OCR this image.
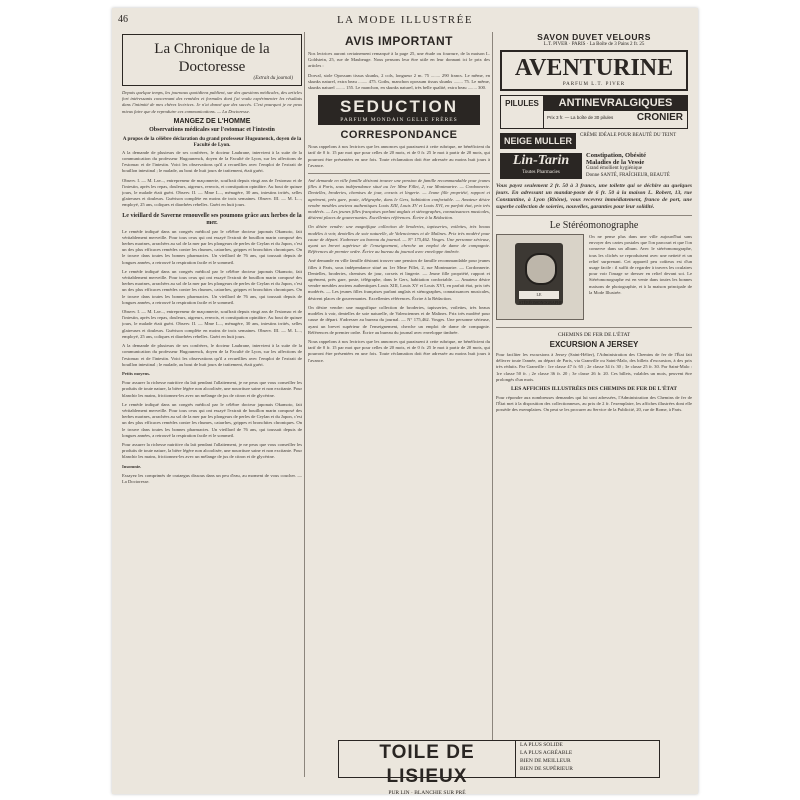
46	LA MODE ILLUSTRÉE
La Chronique de la Doctoresse
(Extrait du journal)

Depuis quelque temps, les journaux quotidiens publient, sur des questions médicales, des articles fort intéressants concernant des remèdes et formules dont j'ai voulu expérimenter les résultats dans l'intimité de mes chères lectrices. Je n'ai donné que des succès. C'est pourquoi je ne peux mieux faire que de reproduire ces communications. — La Doctoresse.

MANGEZ DE L'HOMME
Observations médicales sur l'estomac et l'intestin
A propos de la célèbre déclaration du grand professeur Hugounenck, doyen de la Faculté de Lyon.

A la demande de plusieurs de ses confrères, le docteur Laubrane, intervient à la suite de la communication du professeur Hugounenck, doyen de la Faculté de Lyon, sur les affections de l'estomac et de l'intestin. Voici les observations qu'il a recueillies avec l'emploi de l'extrait de bouillon intestinal ; le malade, au bout de huit jours de traitement, était guéri.

Observ. I. — M. Lav..., entrepreneur de maçonnerie, souffrait depuis vingt ans de l'estomac et de l'intestin, après les repas, douleurs, aigreurs, renvois, et constipation opiniâtre. Au bout de quinze jours, le malade était guéri. Observ. II. — Mme L..., ménagère, 30 ans, intestins irrités, selles glaireuses et douleurs. Guérison complète en moins de trois semaines. Observ. III. — M. L..., employé, 25 ans, coliques et diarrhées rebelles. Guéri en huit jours.

Le vieillard de Saverne renouvelle ses poumons grâce aux herbes de la mer.

Le remède indiqué dans un congrès médical par le célèbre docteur japonais Okamoto, fait véritablement merveille. Pour tous ceux qui ont essayé l'extrait de bouillon marin composé des herbes marines, arrachées au sol de la mer par les plongeurs de perles de Ceylan et du Japon, c'est un des plus efficaces remèdes contre les rhumes, catarrhes, grippes et bronchites chroniques. On le trouve dans toutes les bonnes pharmacies. Un vieillard de 76 ans, qui toussait depuis de longues années, a retrouvé la respiration facile et le sommeil.

Le remède indiqué dans un congrès médical par le célèbre docteur japonais Okamoto, fait véritablement merveille. Pour tous ceux qui ont essayé l'extrait de bouillon marin composé des herbes marines, arrachées au sol de la mer par les plongeurs de perles de Ceylan et du Japon, c'est un des plus efficaces remèdes contre les rhumes, catarrhes, grippes et bronchites chroniques. On le trouve dans toutes les bonnes pharmacies. Un vieillard de 76 ans, qui toussait depuis de longues années, a retrouvé la respiration facile et le sommeil.

Observ. I. — M. Lav..., entrepreneur de maçonnerie, souffrait depuis vingt ans de l'estomac et de l'intestin, après les repas, douleurs, aigreurs, renvois, et constipation opiniâtre. Au bout de quinze jours, le malade était guéri. Observ. II. — Mme L..., ménagère, 30 ans, intestins irrités, selles glaireuses et douleurs. Guérison complète en moins de trois semaines. Observ. III. — M. L..., employé, 25 ans, coliques et diarrhées rebelles. Guéri en huit jours.

A la demande de plusieurs de ses confrères, le docteur Laubrane, intervient à la suite de la communication du professeur Hugounenck, doyen de la Faculté de Lyon, sur les affections de l'estomac et de l'intestin. Voici les observations qu'il a recueillies avec l'emploi de l'extrait de bouillon intestinal ; le malade, au bout de huit jours de traitement, était guéri.

Petits moyens.

Pour assurer la richesse nutritive du lait pendant l'allaitement, je ne peux que vous conseiller les produits de toute nature, la bière légère non alcoolisée, une nourriture saine et non excitante. Pour blanchir les mains, frictionnez-les avec un mélange de jus de citron et de glycérine.

Le remède indiqué dans un congrès médical par le célèbre docteur japonais Okamoto, fait véritablement merveille. Pour tous ceux qui ont essayé l'extrait de bouillon marin composé des herbes marines, arrachées au sol de la mer par les plongeurs de perles de Ceylan et du Japon, c'est un des plus efficaces remèdes contre les rhumes, catarrhes, grippes et bronchites chroniques. On le trouve dans toutes les bonnes pharmacies. Un vieillard de 76 ans, qui toussait depuis de longues années, a retrouvé la respiration facile et le sommeil.

Pour assurer la richesse nutritive du lait pendant l'allaitement, je ne peux que vous conseiller les produits de toute nature, la bière légère non alcoolisée, une nourriture saine et non excitante. Pour blanchir les mains, frictionnez-les avec un mélange de jus de citron et de glycérine.

Insomnie.

Essayez les comprimés de crataegus dissous dans un peu d'eau, au moment de vous coucher. — La Doctoresse.

AVIS IMPORTANT

Nos lectrices auront certainement remarqué à la page 25, une étude ou fourrure, de la maison L. Goldstein, 25, rue de Maubeuge. Nous pensons leur être utile en leur donnant ici le prix des articles :

Dorval, stole Opossum tissus skunks, 2 cols, longueur 2 m. 75 ........ 290 francs. Le même, en skunks naturel, extra beau ........ 475. Goths, manchon opossum tissus skunks ........ 75. Le même, skunks naturel ........ 155. Le manchon, en skunks naturel, très belle qualité, extra beau ........ 300.

SEDUCTION
PARFUM MONDAIN GELLE FRÈRES
CORRESPONDANCE

Nous rappelons à nos lectrices que les annonces qui paraissent à cette rubrique, ne bénéficient du tarif de 0 fr. 15 par mot que pour celles de 20 mots, et de 0 fr. 25 le mot à partir de 20 mots, qui pourront être présentées en une fois. Toute réclamation doit être adressée au moins huit jours à l'avance.

Ané demande en ville famille désirant trouver une pension de famille recommandable pour jeunes filles à Paris, sous indépendance situé au 1er Mme Fillet, 2, rue Montmartre. — Cordonnerie. Dentelles, broderies, chemises de jour, corsets et lingerie. — Jeune fille propriété, rapport et agrément, près gare, poste, télégraphe, dans le Gers, habitation confortable. — Amateur désire vendre meubles anciens authentiques Louis XIII, Louis XV et Louis XVI, en parfait état, prix très modérés. — Les jeunes filles françaises parlant anglais et sténographes, connaissances musicales, désirent places de gouvernantes. Excellentes références. Écrire à la Rédaction.

On désire vendre: une magnifique collection de broderies, tapisseries, voilettes, très beaux modèles à voir, dentelles de soie naturelle, de Valenciennes et de Malines. Prix très modéré pour cause de départ. S'adresser au bureau du journal. — N° 175,462. Vosges. Une personne sérieuse, ayant un brevet supérieur de l'enseignement, cherche un emploi de dame de compagnie. Références de premier ordre. Écrire au bureau du journal avec enveloppe timbrée.

Ané demande en ville famille désirant trouver une pension de famille recommandable pour jeunes filles à Paris, sous indépendance situé au 1er Mme Fillet, 2, rue Montmartre. — Cordonnerie. Dentelles, broderies, chemises de jour, corsets et lingerie. — Jeune fille propriété, rapport et agrément, près gare, poste, télégraphe, dans le Gers, habitation confortable. — Amateur désire vendre meubles anciens authentiques Louis XIII, Louis XV et Louis XVI, en parfait état, prix très modérés. — Les jeunes filles françaises parlant anglais et sténographes, connaissances musicales, désirent places de gouvernantes. Excellentes références. Écrire à la Rédaction.

On désire vendre: une magnifique collection de broderies, tapisseries, voilettes, très beaux modèles à voir, dentelles de soie naturelle, de Valenciennes et de Malines. Prix très modéré pour cause de départ. S'adresser au bureau du journal. — N° 175,462. Vosges. Une personne sérieuse, ayant un brevet supérieur de l'enseignement, cherche un emploi de dame de compagnie. Références de premier ordre. Écrire au bureau du journal avec enveloppe timbrée.

Nous rappelons à nos lectrices que les annonces qui paraissent à cette rubrique, ne bénéficient du tarif de 0 fr. 15 par mot que pour celles de 20 mots, et de 0 fr. 25 le mot à partir de 20 mots, qui pourront être présentées en une fois. Toute réclamation doit être adressée au moins huit jours à l'avance.

SAVON DUVET VELOURS
L.T. PIVER · PARIS · La Boîte de 3 Pains 2 fr. 25
AVENTURINE
PARFUM L.T. PIVER
PILULES	ANTINEVRALGIQUES
Prix 3 fr. — La boîte de 30 pilules CRONIER
NEIGE MULLER
CRÈME IDÉALE POUR BEAUTÉ DU TEINT
Lin-Tarin
Toutes Pharmacies
Constipation, Obésité
Maladies de la Vessie
Grand émollient hygiénique
Donne SANTÉ, FRAÎCHEUR, BEAUTÉ

Vous payez seulement 2 fr. 50 à 3 francs, une toilette qui se déchire au quelques jours. En adressant un mandat-poste de 6 fr. 50 à la maison L. Robert, 13, rue Constantine, à Lyon (Rhône), vous recevrez immédiatement, franco de port, une superbe collection de soieries, nouvelles, garanties pour leur solidité.

Le Stéréomonographe
LE STÉRÉOMONOGRAPHE

On ne pense plus dans une ville aujourd'hui sans envoyer des cartes postales que l'on parcourt et que l'on conserve dans un album. Avec le stéréomonographe, tous les clichés se reproduisent avec une netteté et un relief surprenant. Cet appareil peu coûteux est d'un usage facile : il suffit de regarder à travers les oculaires pour voir l'image se dresser en relief devant soi. Le Stéréomonographe est en vente dans toutes les bonnes maisons de photographie, et à la maison principale de la Mode Illustrée.

CHEMINS DE FER DE L'ÉTAT
EXCURSION A JERSEY

Pour faciliter les excursions à Jersey (Saint-Hélier), l'Administration des Chemins de fer de l'État fait délivrer toute l'année, au départ de Paris, via Granville ou Saint-Malo, des billets d'excursion, à des prix très réduits. Par Granville : 1re classe 47 fr. 65 ; 2e classe 34 fr. 30 ; 3e classe 25 fr. 30. Par Saint-Malo : 1re classe 50 fr. ; 2e classe 36 fr. 20 ; 3e classe 26 fr. 20. Ces billets, valables un mois, peuvent être prolongés d'un mois.

LES AFFICHES ILLUSTRÉES DES CHEMINS DE FER DE L'ÉTAT

Pour répondre aux nombreuses demandes qui lui sont adressées, l'Administration des Chemins de fer de l'État met à la disposition des collectionneurs, au prix de 2 fr. l'exemplaire, les affiches illustrées dont elle possède des exemplaires. On peut se les procurer au Service de la Publicité, 20, rue de Rome, à Paris.

TOILE DE LISIEUX
PUR LIN · BLANCHIE SUR PRÉ
LA PLUS SOLIDE
LA PLUS AGRÉABLE
BIEN DE MEILLEUR
BIEN DE SUPÉRIEUR
